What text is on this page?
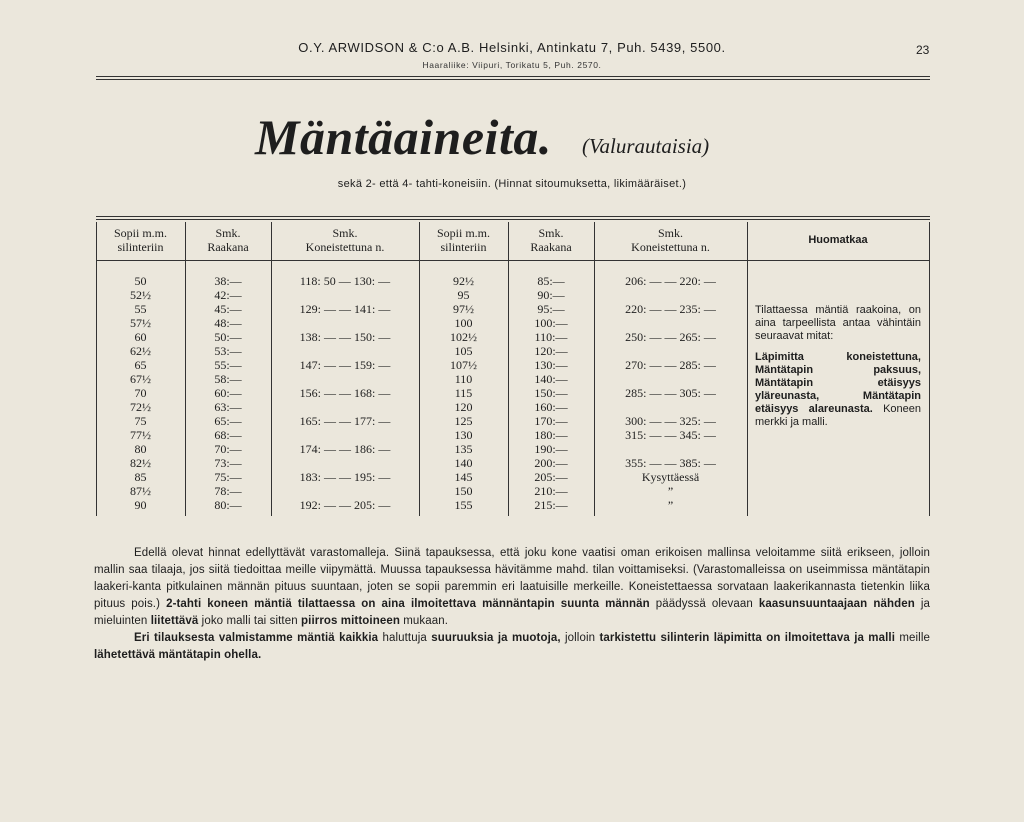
O.Y. ARWIDSON & C:o A.B. Helsinki, Antinkatu 7, Puh. 5439, 5500.
Haaraliike: Viipuri, Torikatu 5, Puh. 2570.
23
Mäntäaineita. (Valurautaisia)
sekä 2- että 4- tahti-koneisiin. (Hinnat sitoumuksetta, likimääräiset.)
Sopii m.m.
silinteriin
Smk.
Raakana
Smk.
Koneistettuna n.
Sopii m.m.
silinteriin
Smk.
Raakana
Smk.
Koneistettuna n.	Huomatkaa
50
52½
55
57½
60
62½
65
67½
70
72½
75
77½
80
82½
85
87½
90
38:—
42:—
45:—
48:—
50:—
53:—
55:—
58:—
60:—
63:—
65:—
68:—
70:—
73:—
75:—
78:—
80:—
118: 50 — 130: —
129: — — 141: —
138: — — 150: —
147: — — 159: —
156: — — 168: —
165: — — 177: —
174: — — 186: —
183: — — 195: —
192: — — 205: —
92½
95
97½
100
102½
105
107½
110
115
120
125
130
135
140
145
150
155
85:—
90:—
95:—
100:—
110:—
120:—
130:—
140:—
150:—
160:—
170:—
180:—
190:—
200:—
205:—
210:—
215:—
206: — — 220: —
220: — — 235: —
250: — — 265: —
270: — — 285: —
285: — — 305: —
300: — — 325: —
315: — — 345: —
355: — — 385: —
Kysyttäessä
”
”

Tilattaessa mäntiä raakoina, on aina tarpeellista antaa vähintäin seuraavat mitat:

Läpimitta koneistettuna, Mäntätapin paksuus, Mäntätapin etäisyys yläreunasta, Mäntätapin etäisyys alareunasta. Koneen merkki ja malli.

Edellä olevat hinnat edellyttävät varastomalleja. Siinä tapauksessa, että joku kone vaatisi oman erikoisen mallinsa veloitamme siitä erikseen, jolloin mallin saa tilaaja, jos siitä tiedoittaa meille viipymättä. Muussa tapauksessa hävitämme mahd. tilan voittamiseksi. (Varastomalleissa on useimmissa mäntätapin laakeri-kanta pitkulainen männän pituus suuntaan, joten se sopii paremmin eri laatuisille merkeille. Koneistettaessa sorvataan laakerikannasta tietenkin liika pituus pois.) 2-tahti koneen mäntiä tilattaessa on aina ilmoitettava männäntapin suunta männän päädyssä olevaan kaasunsuuntaajaan nähden ja mieluinten liitettävä joko malli tai sitten piirros mittoineen mukaan.

Eri tilauksesta valmistamme mäntiä kaikkia haluttuja suuruuksia ja muotoja, jolloin tarkistettu silinterin läpimitta on ilmoitettava ja malli meille lähetettävä mäntätapin ohella.
